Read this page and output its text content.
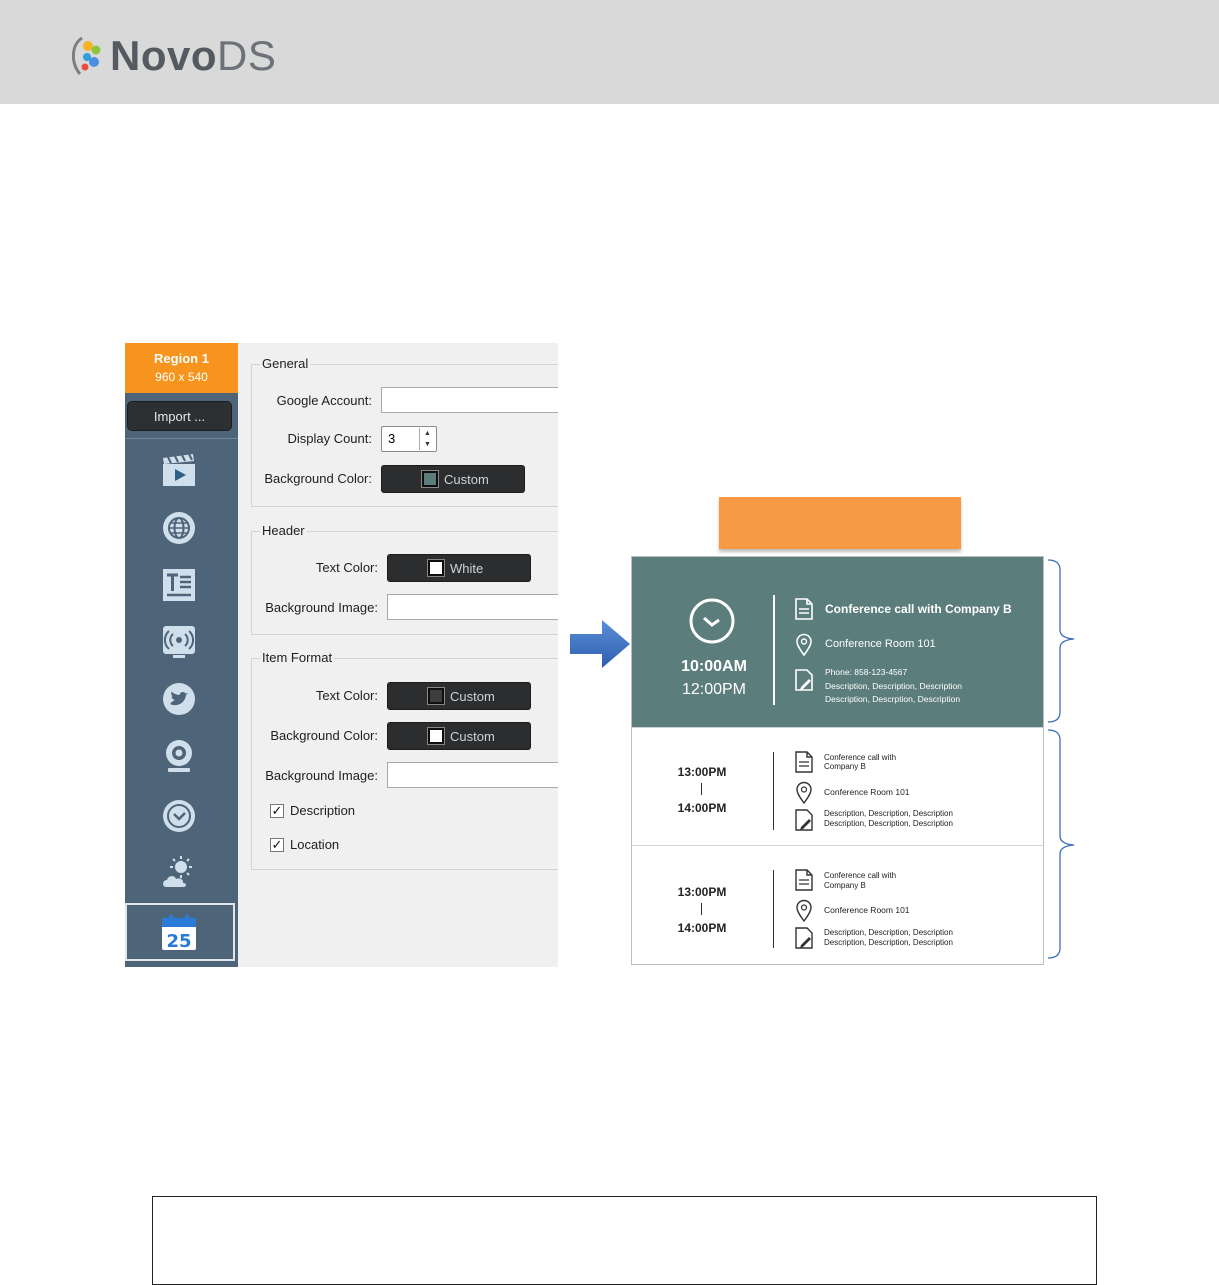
NovoDS
Region 1
960 x 540
Import ...
25
General
Google Account:
Display Count:	3	▲
▼
Background Color:	Custom
Header
Text Color:	White
Background Image:
Item Format
Text Color:	Custom
Background Color:	Custom
Background Image:
✓ Description
✓ Location
10:00AM
12:00PM
Conference call with Company B
Conference Room 101
Phone: 858-123-4567
Description, Description, Description
Description, Descrption, Description
13:00PM
14:00PM
Conference call with
Company B
Conference Room 101
Description, Description, Description
Description, Description, Description
13:00PM
14:00PM
Conference call with
Company B
Conference Room 101
Description, Description, Description
Description, Description, Description
